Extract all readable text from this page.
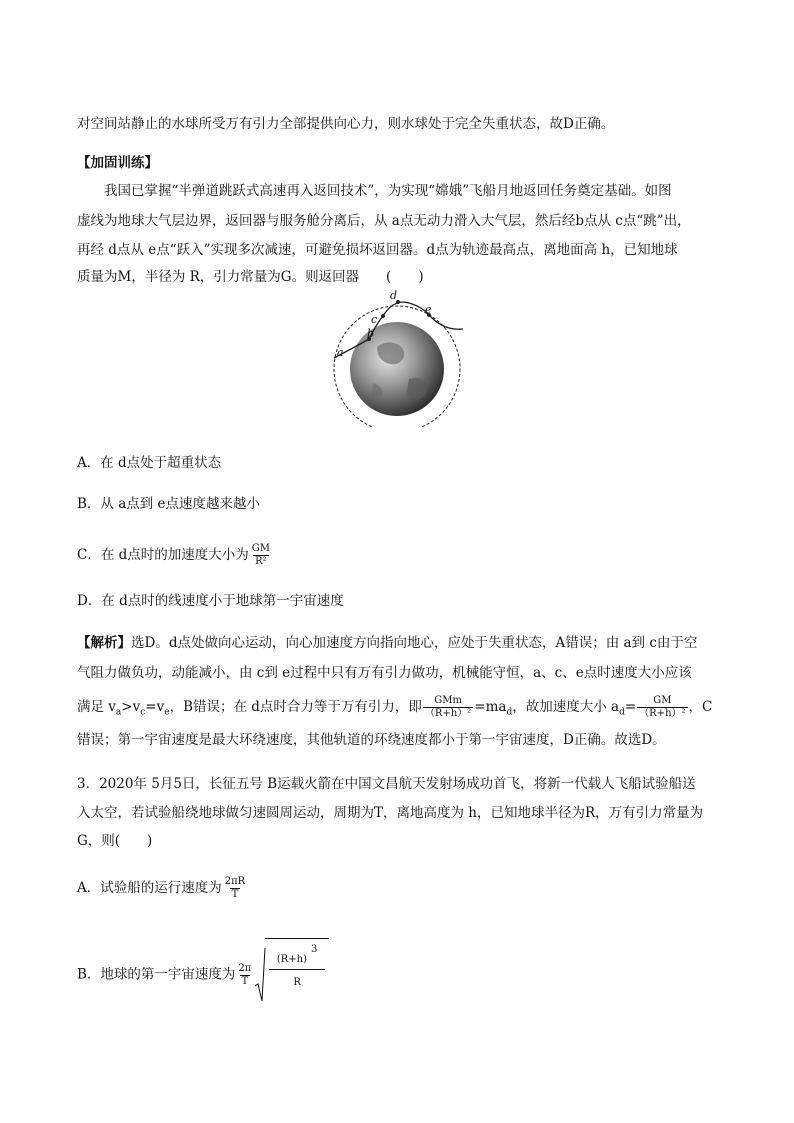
对空间站静止的水球所受万有引力全部提供向心力，则水球处于完全失重状态，故D正确。
【加固训练】
我国已掌握“半弹道跳跃式高速再入返回技术”，为实现“嫦娥”飞船月地返回任务奠定基础。如图
虚线为地球大气层边界，返回器与服务舱分离后，从 a点无动力滑入大气层，然后经b点从 c点“跳”出，
再经 d点从 e点“跃入”实现多次减速，可避免损坏返回器。d点为轨迹最高点，离地面高 h，已知地球
质量为M，半径为 R，引力常量为G。则返回器　　(　　)
a
b
c
d
e
A．在 d点处于超重状态
B．从 a点到 e点速度越来越小
C．在 d点时的加速度大小为 $\frac{GM}{\text{R²}}$
D．在 d点时的线速度小于地球第一宇宙速度
【解析】选D。d点处做向心运动，向心加速度方向指向地心，应处于失重状态，A错误；由 a到 c由于空
气阻力做负功，动能减小，由 c到 e过程中只有万有引力做功，机械能守恒，a、c、e点时速度大小应该
满足 $v_a>v_c=v_e$，B错误；在 d点时合力等于万有引力，即 $\frac{\text{GMm}}{\text{（R+h）²}} =ma_d$，故加速度大小 $a_d= \frac{GM}{\text{（R+h）²}}$ ，C
错误；第一宇宙速度是最大环绕速度，其他轨道的环绕速度都小于第一宇宙速度，D正确。故选D。
3．2020年 5月5日，长征五号 B运载火箭在中国文昌航天发射场成功首飞，将新一代载人飞船试验船送
入太空，若试验船绕地球做匀速圆周运动，周期为T，离地高度为 h，已知地球半径为R，万有引力常量为
G，则(　　)
A．试验船的运行速度为 $\frac{2\pi R}{T}$
B．地球的第一宇宙速度为 $\frac{2\pi}{T}$
(R+h)3
R
